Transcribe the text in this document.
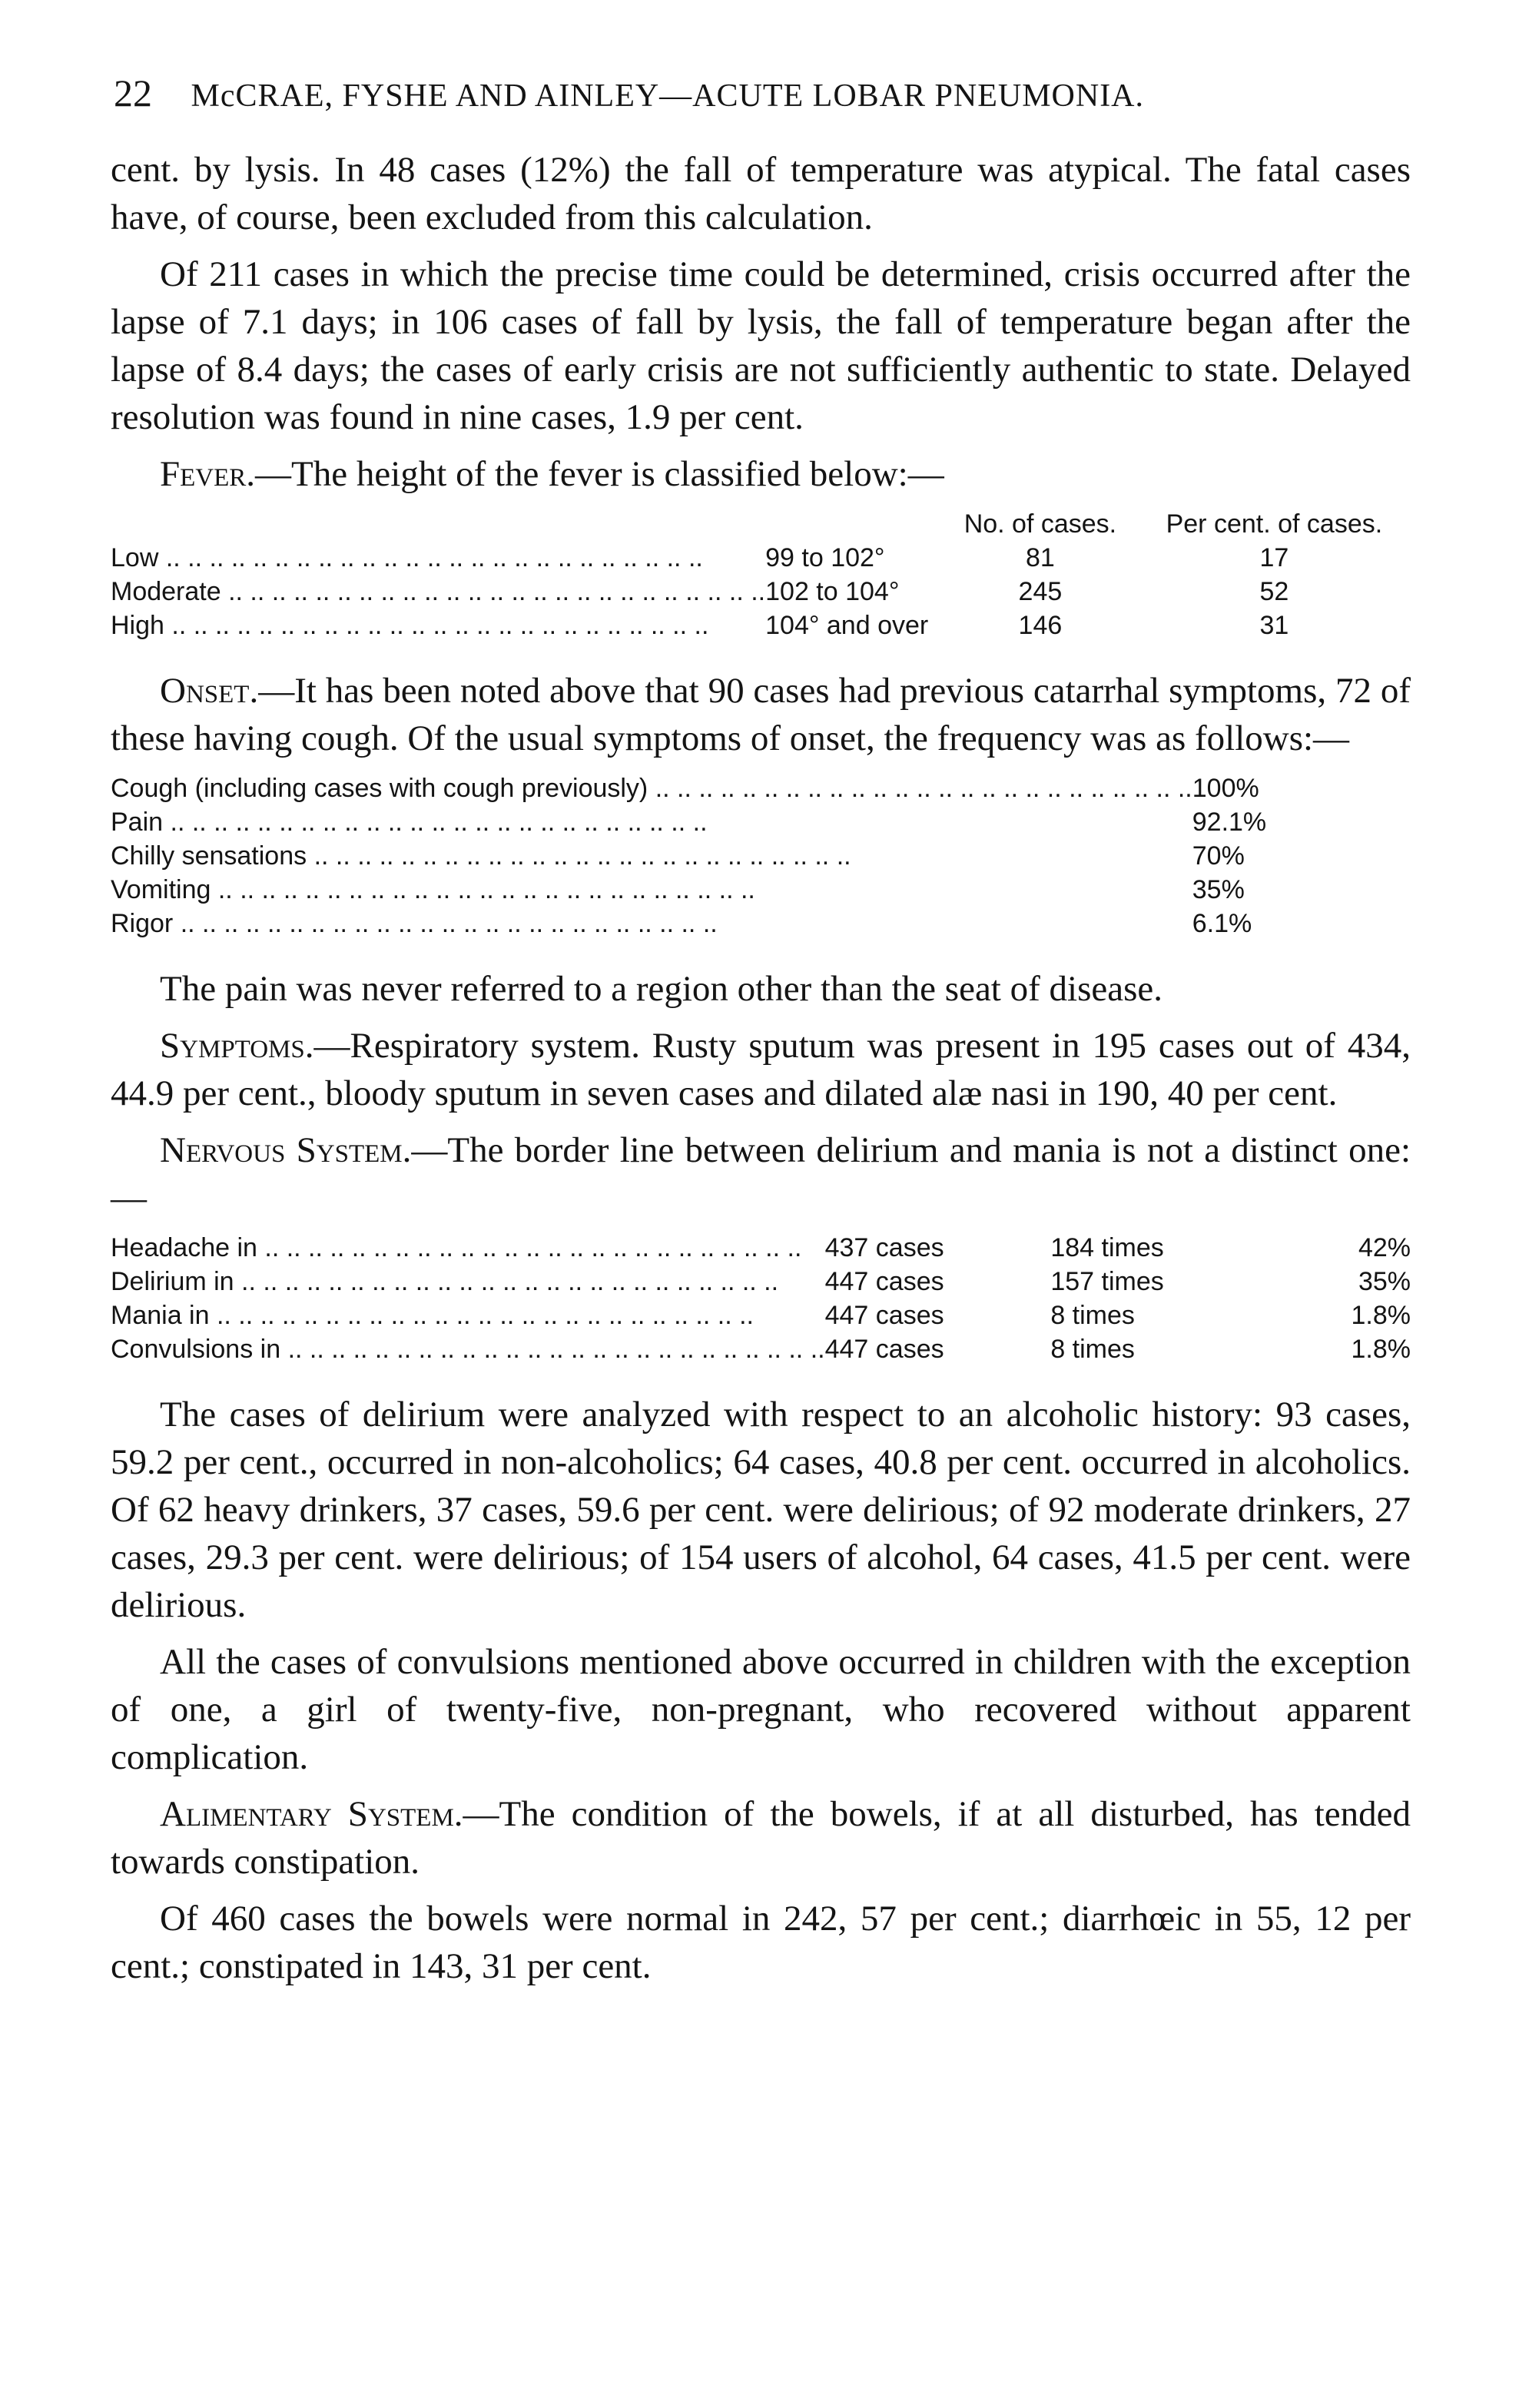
22 McCRAE, FYSHE AND AINLEY—ACUTE LOBAR PNEUMONIA.

cent. by lysis. In 48 cases (12%) the fall of temperature was atypical. The fatal cases have, of course, been excluded from this calculation.

Of 211 cases in which the precise time could be determined, crisis occurred after the lapse of 7.1 days; in 106 cases of fall by lysis, the fall of temperature began after the lapse of 8.4 days; the cases of early crisis are not sufficiently authentic to state. Delayed resolution was found in nine cases, 1.9 per cent.

Fever.—The height of the fever is classified below:—

		No. of cases.	Per cent. of cases.
Low .. ..	99 to 102°	81	17
Moderate .. ..	102 to 104°	245	52
High .. ..	104° and over	146	31

Onset.—It has been noted above that 90 cases had previous catarrhal symptoms, 72 of these having cough. Of the usual symptoms of onset, the frequency was as follows:—

Cough (including cases with cough previously) .. ..	100%
Pain .. ..	92.1%
Chilly sensations .. ..	70%
Vomiting .. ..	35%
Rigor .. ..	6.1%

The pain was never referred to a region other than the seat of disease.

Symptoms.—Respiratory system. Rusty sputum was present in 195 cases out of 434, 44.9 per cent., bloody sputum in seven cases and dilated alæ nasi in 190, 40 per cent.

Nervous System.—The border line between delirium and mania is not a distinct one:—

Headache in .. ..	437 cases	184 times	42%
Delirium in .. ..	447 cases	157 times	35%
Mania in .. ..	447 cases	8 times	1.8%
Convulsions in .. ..	447 cases	8 times	1.8%

The cases of delirium were analyzed with respect to an alcoholic history: 93 cases, 59.2 per cent., occurred in non-alcoholics; 64 cases, 40.8 per cent. occurred in alcoholics. Of 62 heavy drinkers, 37 cases, 59.6 per cent. were delirious; of 92 moderate drinkers, 27 cases, 29.3 per cent. were delirious; of 154 users of alcohol, 64 cases, 41.5 per cent. were delirious.

All the cases of convulsions mentioned above occurred in children with the exception of one, a girl of twenty-five, non-pregnant, who recovered without apparent complication.

Alimentary System.—The condition of the bowels, if at all disturbed, has tended towards constipation.

Of 460 cases the bowels were normal in 242, 57 per cent.; diarrhœic in 55, 12 per cent.; constipated in 143, 31 per cent.
